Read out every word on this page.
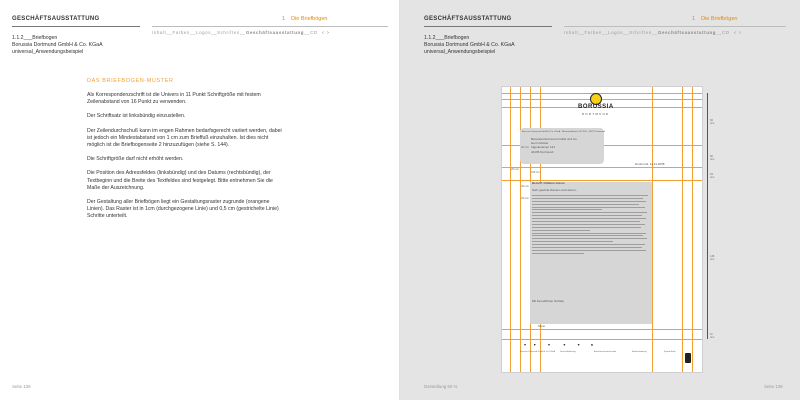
GESCHÄFTSAUSSTATTUNG	1 Die Briefbögen
Inhalt__Farben__Logos__Schriften__Geschäftsausstattung__CD < >
1.1.2___Briefbogen
Borussia Dortmund GmbH & Co. KGaA
universal_Anwendungsbeispiel
DAS BRIEFBOGEN-MUSTER

Als Korrespondenzschrift ist die Univers in 11 Punkt Schriftgröße mit festem Zeilenabstand von 16 Punkt zu verwenden.

Der Schriftsatz ist linksbündig einzustellen.

Der Zeilendurchschuß kann im engen Rahmen bedarfsgerecht variiert werden, dabei ist jedoch ein Mindestabstand von 1 cm zum Brieffuß einzuhalten. Ist dies nicht möglich ist die Briefbogenseite 2 hinzuzufügen (siehe S. 144).

Die Schriftgröße darf nicht erhöht werden.

Die Position des Adressfeldes (linksbündig) und des Datums (rechtsbündig), der Textbeginn und die Breite des Textfeldes sind festgelegt. Bitte entnehmen Sie die Maße der Auszeichnung.

Der Gestaltung aller Briefbögen liegt ein Gestaltungsraster zugrunde (orangene Linien). Das Raster ist in 1cm (durchgezogene Linie) und 0,5 cm (gestrichelte Linie) Schritte unterteilt.

Seite 138
GESCHÄFTSAUSSTATTUNG	1 Die Briefbögen
Inhalt__Farben__Logos__Schriften__Geschäftsausstattung__CD < >
1.1.2___Briefbogen
Borussia Dortmund GmbH & Co. KGaA
universal_Anwendungsbeispiel
BORUSSIA
DORTMUND
Borussia Dortmund GmbH & Co. KGaA · Rheinlanddamm 207-209 · 44137 Dortmund
Borussia Dortmund GmbH und Co.
Herrn Muster
Ingeniereinen 121
44135 Dortmund
Dortmund, 11.11.2008
Betreff: Ottilium dolore
Sehr geehrte Damen und Herren,
Mit freundlichen Grüßen
Name
20 mm
25 mm
105 mm
45 mm
25 mm
60 mm
50 mm
15 mm
145 mm
11 mm
▾ ▾	▾	▾	▾	●
Borussia Dortmund GmbH & Co. KGaA	Geschäftsführung	Aufsichtsratsvorsitzender	Bankverbindung	Sparda Bank
Darstellung 50 %	Seite 139
